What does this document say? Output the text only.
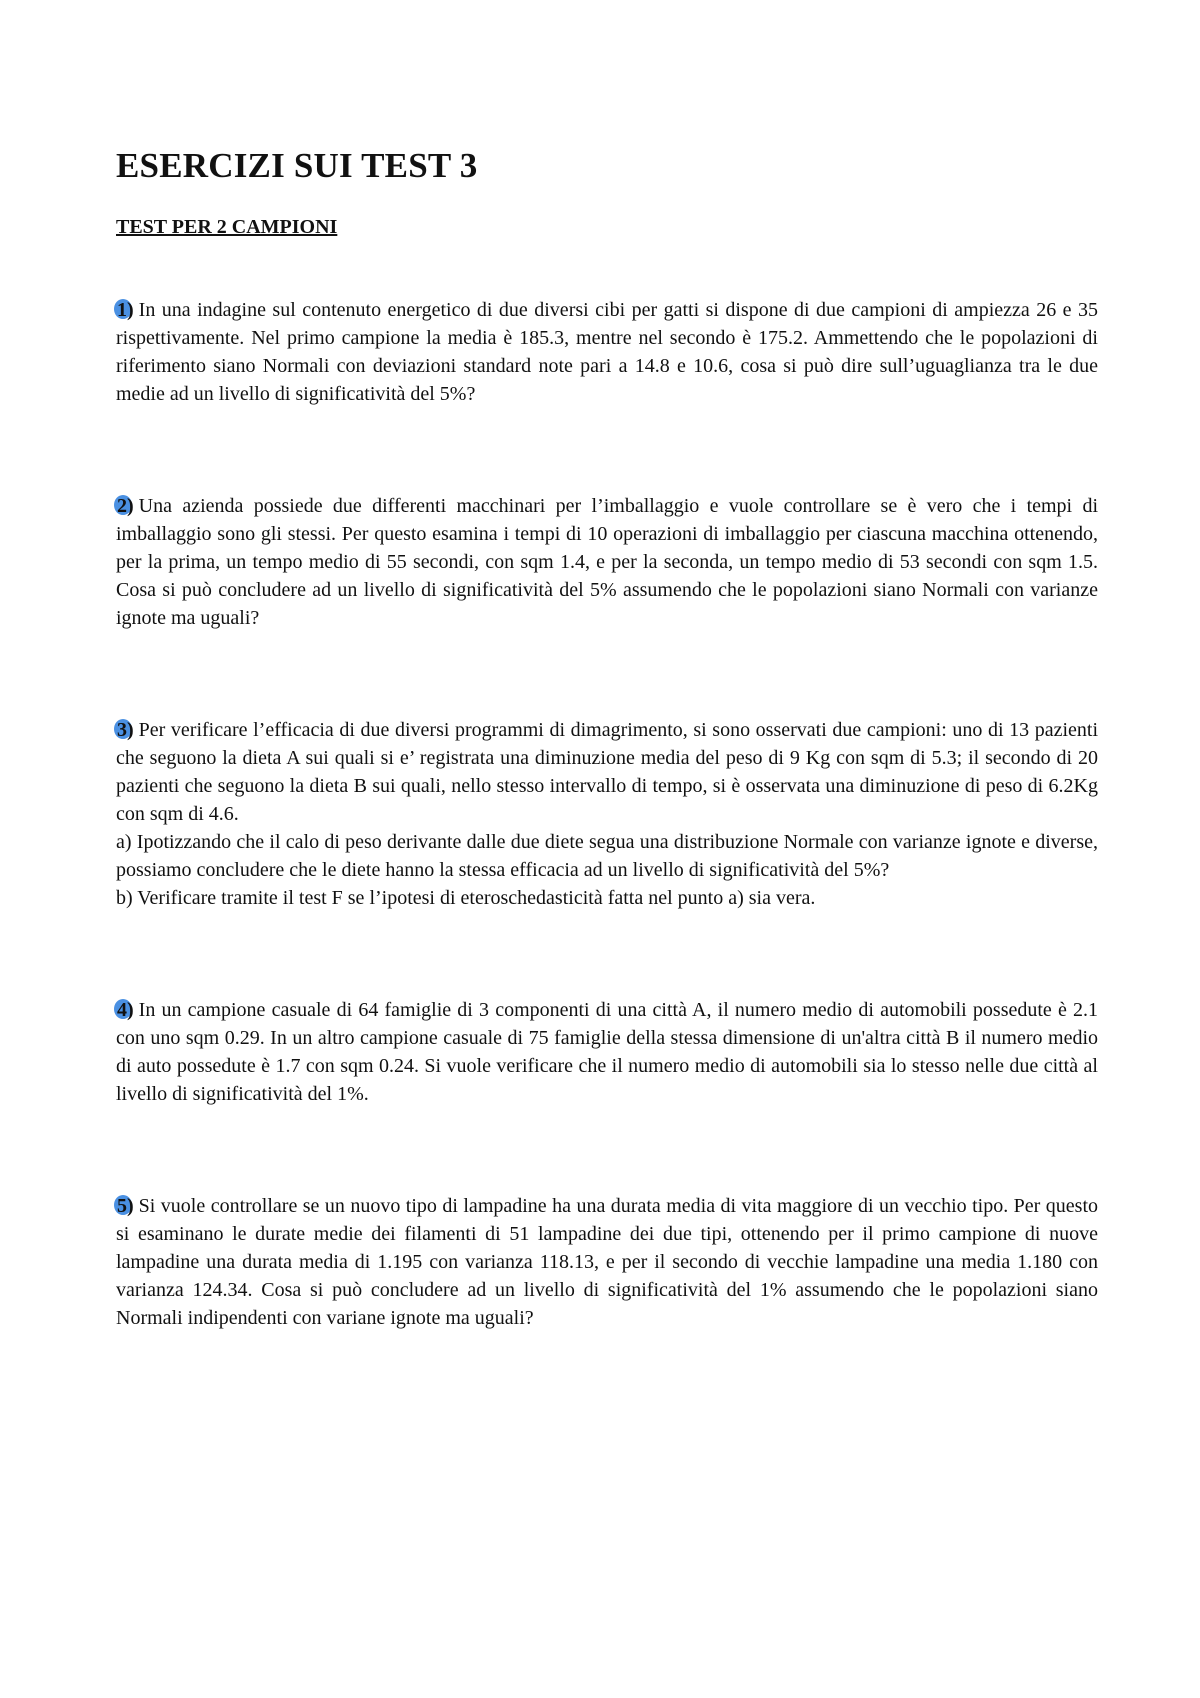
ESERCIZI SUI TEST 3
TEST PER 2 CAMPIONI

1) In una indagine sul contenuto energetico di due diversi cibi per gatti si dispone di due campioni di ampiezza 26 e 35 rispettivamente. Nel primo campione la media è 185.3, mentre nel secondo è 175.2. Ammettendo che le popolazioni di riferimento siano Normali con deviazioni standard note pari a 14.8 e 10.6, cosa si può dire sull’uguaglianza tra le due medie ad un livello di significatività del 5%?

2) Una azienda possiede due differenti macchinari per l’imballaggio e vuole controllare se è vero che i tempi di imballaggio sono gli stessi. Per questo esamina i tempi di 10 operazioni di imballaggio per ciascuna macchina ottenendo, per la prima, un tempo medio di 55 secondi, con sqm 1.4, e per la seconda, un tempo medio di 53 secondi con sqm 1.5. Cosa si può concludere ad un livello di significatività del 5% assumendo che le popolazioni siano Normali con varianze ignote ma uguali?

3) Per verificare l’efficacia di due diversi programmi di dimagrimento, si sono osservati due campioni: uno di 13 pazienti che seguono la dieta A sui quali si e’ registrata una diminuzione media del peso di 9 Kg con sqm di 5.3; il secondo di 20 pazienti che seguono la dieta B sui quali, nello stesso intervallo di tempo, si è osservata una diminuzione di peso di 6.2Kg con sqm di 4.6.

a) Ipotizzando che il calo di peso derivante dalle due diete segua una distribuzione Normale con varianze ignote e diverse, possiamo concludere che le diete hanno la stessa efficacia ad un livello di significatività del 5%?

b) Verificare tramite il test F se l’ipotesi di eteroschedasticità fatta nel punto a) sia vera.

4) In un campione casuale di 64 famiglie di 3 componenti di una città A, il numero medio di automobili possedute è 2.1 con uno sqm 0.29. In un altro campione casuale di 75 famiglie della stessa dimensione di un'altra città B il numero medio di auto possedute è 1.7 con sqm 0.24. Si vuole verificare che il numero medio di automobili sia lo stesso nelle due città al livello di significatività del 1%.

5) Si vuole controllare se un nuovo tipo di lampadine ha una durata media di vita maggiore di un vecchio tipo. Per questo si esaminano le durate medie dei filamenti di 51 lampadine dei due tipi, ottenendo per il primo campione di nuove lampadine una durata media di 1.195 con varianza 118.13, e per il secondo di vecchie lampadine una media 1.180 con varianza 124.34. Cosa si può concludere ad un livello di significatività del 1% assumendo che le popolazioni siano Normali indipendenti con variane ignote ma uguali?
